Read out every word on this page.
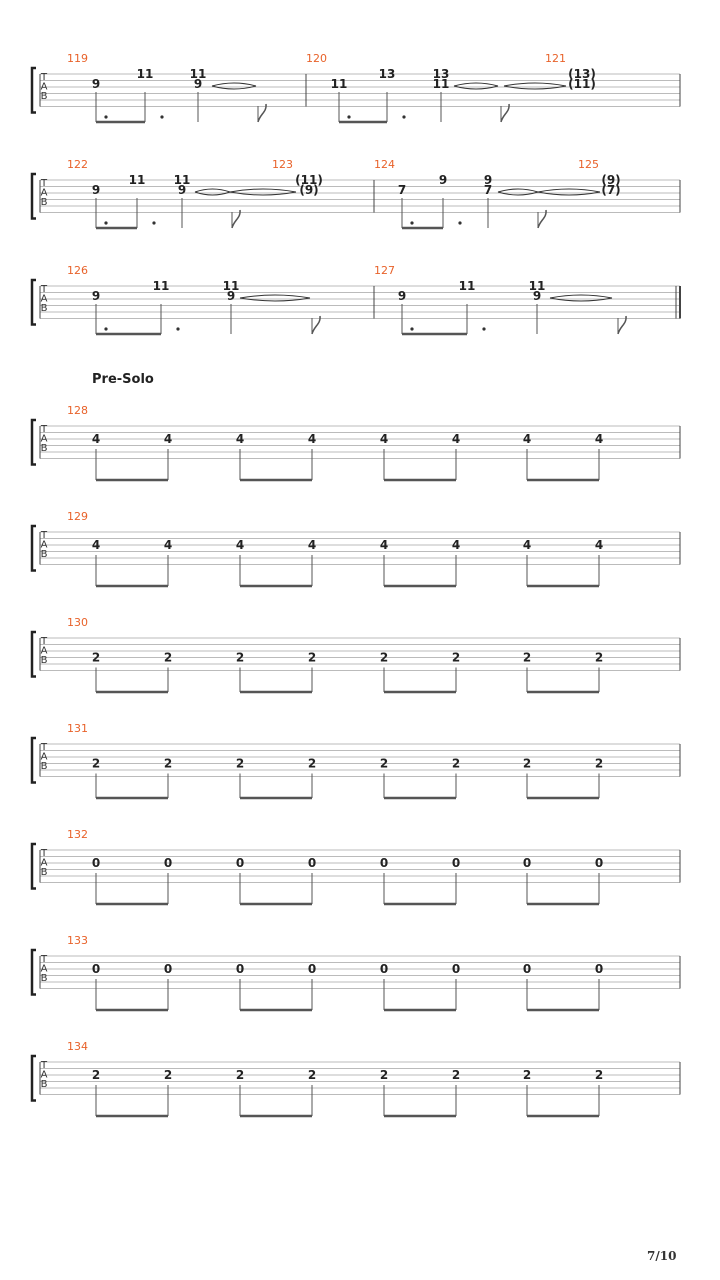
T
A
B
119
9
11	11
9
120
11
13	13
11
121
(13)
(11)
T
A
B
122
9
11 11
9
123
(11)
(9)
124
7
9	9
7
125
(9)
(7)
T
A
B
126
9
11	11
9
127
9
11	11
9
T
A
B
128
4	4	4	4	4	4	4	4
T
A
B
129
4	4	4	4	4	4	4	4
T
A
B
130
2	2	2	2	2	2	2	2
T
A
B
131
2	2	2	2	2	2	2	2
T
A
B
132
0	0	0	0	0	0	0	0
T
A
B
133
0	0	0	0	0	0	0	0
T
A
B
134
2	2	2	2	2	2	2	2
Pre-Solo
7/10
